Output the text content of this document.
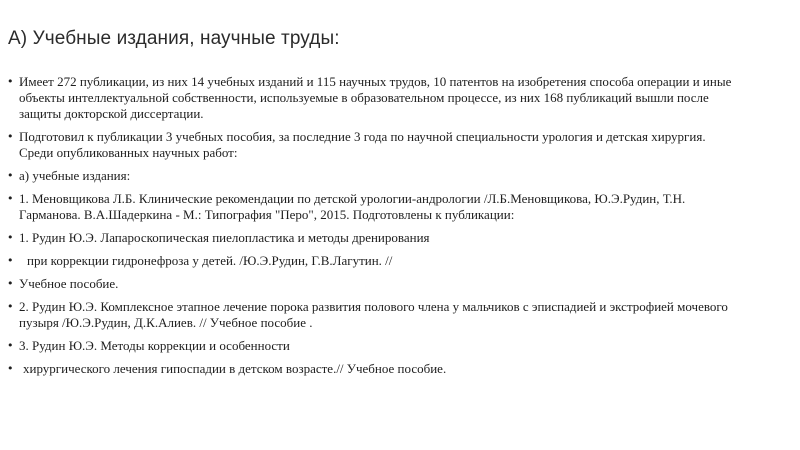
А) Учебные издания, научные труды:
• Имеет 272 публикации, из них 14 учебных изданий и 115 научных трудов, 10 патентов на изобретения способа операции и иные объекты интеллектуальной собственности, используемые в образовательном процессе, из них 168 публикаций вышли после защиты докторской диссертации.
• Подготовил к публикации 3 учебных пособия, за последние 3 года по научной специальности урология и детская хирургия. Среди опубликованных научных работ:
• а) учебные издания:
• 1. Меновщикова Л.Б. Клинические рекомендации по детской урологии-андрологии /Л.Б.Меновщикова, Ю.Э.Рудин, Т.Н. Гарманова. В.А.Шадеркина - М.: Типография "Перо", 2015. Подготовлены к публикации:
• 1. Рудин Ю.Э. Лапароскопическая пиелопластика и методы дренирования
•	при коррекции гидронефроза у детей. /Ю.Э.Рудин, Г.В.Лагутин. //
• Учебное пособие.
• 2. Рудин Ю.Э. Комплексное этапное лечение порока развития полового члена у мальчиков с эписпадией и экстрофией мочевого пузыря /Ю.Э.Рудин, Д.К.Алиев. // Учебное пособие .
• 3. Рудин Ю.Э. Методы коррекции и особенности
• хирургического лечения гипоспадии в детском возрасте.// Учебное пособие.
